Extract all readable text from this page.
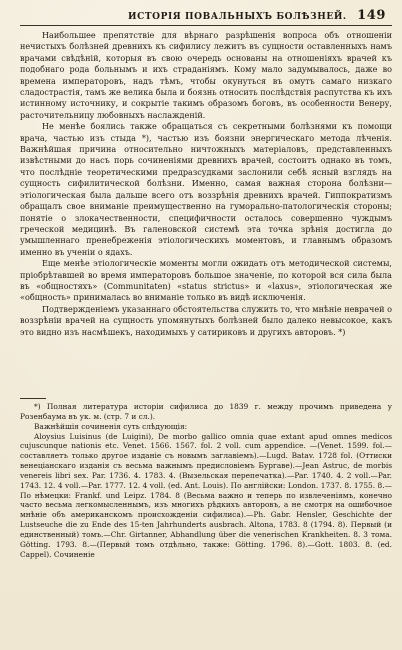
ИСТОРІЯ ПОВАЛЬНЫХЪ БОЛѢЗНЕЙ. 149

Наибольшее препятствіе для вѣрнаго разрѣшенія вопроса объ отношеніи нечистыхъ болѣзней древнихъ къ сифилису лежитъ въ сущности оставленныхъ намъ врачами свѣдѣній, которыя въ свою очередь основаны на отношеніяхъ врачей къ подобнаго рода больнымъ и ихъ страданіямъ. Кому мало задумывалось, даже во времена императоровъ, надъ тѣмъ, чтобы окунуться въ омутъ самаго низкаго сладострастія, тамъ же велика была и боязнь относить послѣдствія распутства къ ихъ истинному источнику, и сокрытіе такимъ образомъ боговъ, въ особенности Венеру, расточительницу любовныхъ наслажденій.

Не менѣе боялись также обращаться съ секретными болѣзнями къ помощи врача, частью изъ стыда *), частью изъ боязни энергическаго метода лѣченія. Важнѣйшая причина относительно ничтожныхъ матеріаловъ, представленныхъ извѣстными до насъ порь сочиненіями древнихъ врачей, состоитъ однако въ томъ, что послѣдніе теоретическими предразсудками заслонили себѣ ясный взглядъ на сущность сифилитической болѣзни. Именно, самая важная сторона болѣзни—этіологическая была дальше всего отъ воззрѣнія древнихъ врачей. Гиппократизмъ обращалъ свое вниманіе преимущественно на гуморально-патологическія стороны; понятіе о злокачественности, специфичности осталось совершенно чуждымъ греческой медицинѣ. Въ галеновской системѣ эта точка зрѣнія достигла до умышленнаго пренебреженія этіологическихъ моментовъ, и главнымъ образомъ именно въ ученіи о ядахъ.

Еще менѣе этіологическіе моменты могли ожидать отъ методической системы, пріобрѣтавшей во время императоровъ большое значеніе, по которой вся сила была въ «общностяхъ» (Communitaten) «status strictus» и «laxus», этіологическая же «общность» принималась во вниманіе только въ видѣ исключенія.

Подтвержденіемъ указаннаго обстоятельства служить то, что мнѣніе неврачей о воззрѣніи врачей на сущность упомянутыхъ болѣзней было далеко невысокое, какъ это видно изъ насмѣшекъ, находимыхъ у сатириковъ и другихъ авторовъ. *)

*) Полная литература исторіи сифилиса до 1839 г. между прочимъ приведена у Розенбаума въ ук. м. (стр. 7 и сл.).

Важнѣйшія сочиненія суть слѣдующія:

Aloysius Luisinus (de Luiginі), De morbo gallico omnia quae extant apud omnes medicos cujuscunque nationis etc. Venet. 1566. 1567. fol. 2 voll. cum appendice. —(Venet. 1599. fol.—составляетъ только другое изданіе съ новымъ заглавіемъ).—Lugd. Batav. 1728 fol. (Оттиски венеціанскаго изданія съ весьма важнымъ предисловіемъ Бургаве).—Jean Astruc, de morbis venereis libri sex. Par. 1736. 4. 1783. 4. (Вызельская перепечатка).—Par. 1740. 4. 2 voll.—Par. 1743. 12. 4 voll.—Par. 1777. 12. 4 voll. (ed. Ant. Louis). По англійски: London. 1737. 8. 1755. 8.—По нѣмецки: Frankf. und Leipz. 1784. 8 (Весьма важно и теперь по извлеченіямъ, конечно часто весьма легкомысленнымъ, изъ многихъ рѣдкихъ авторовъ, а не смотря на ошибочное мнѣніе объ американскомъ происхожденіи сифилиса).—Ph. Gabr. Hensler, Geschichte der Lustseuche die zu Ende des 15-ten Jahrhunderts ausbrach. Altona, 1783. 8 (1794. 8). Первый (и единственный) томъ.—Chr. Girtanner, Abhandlung über die venerischen Krankheiten. 8. 3 тома. Götting. 1793. 8.—(Первый томъ отдѣльно, также: Götting. 1796. 8).—Gott. 1803. 8. (ed. Cappel). Сочиненіе
